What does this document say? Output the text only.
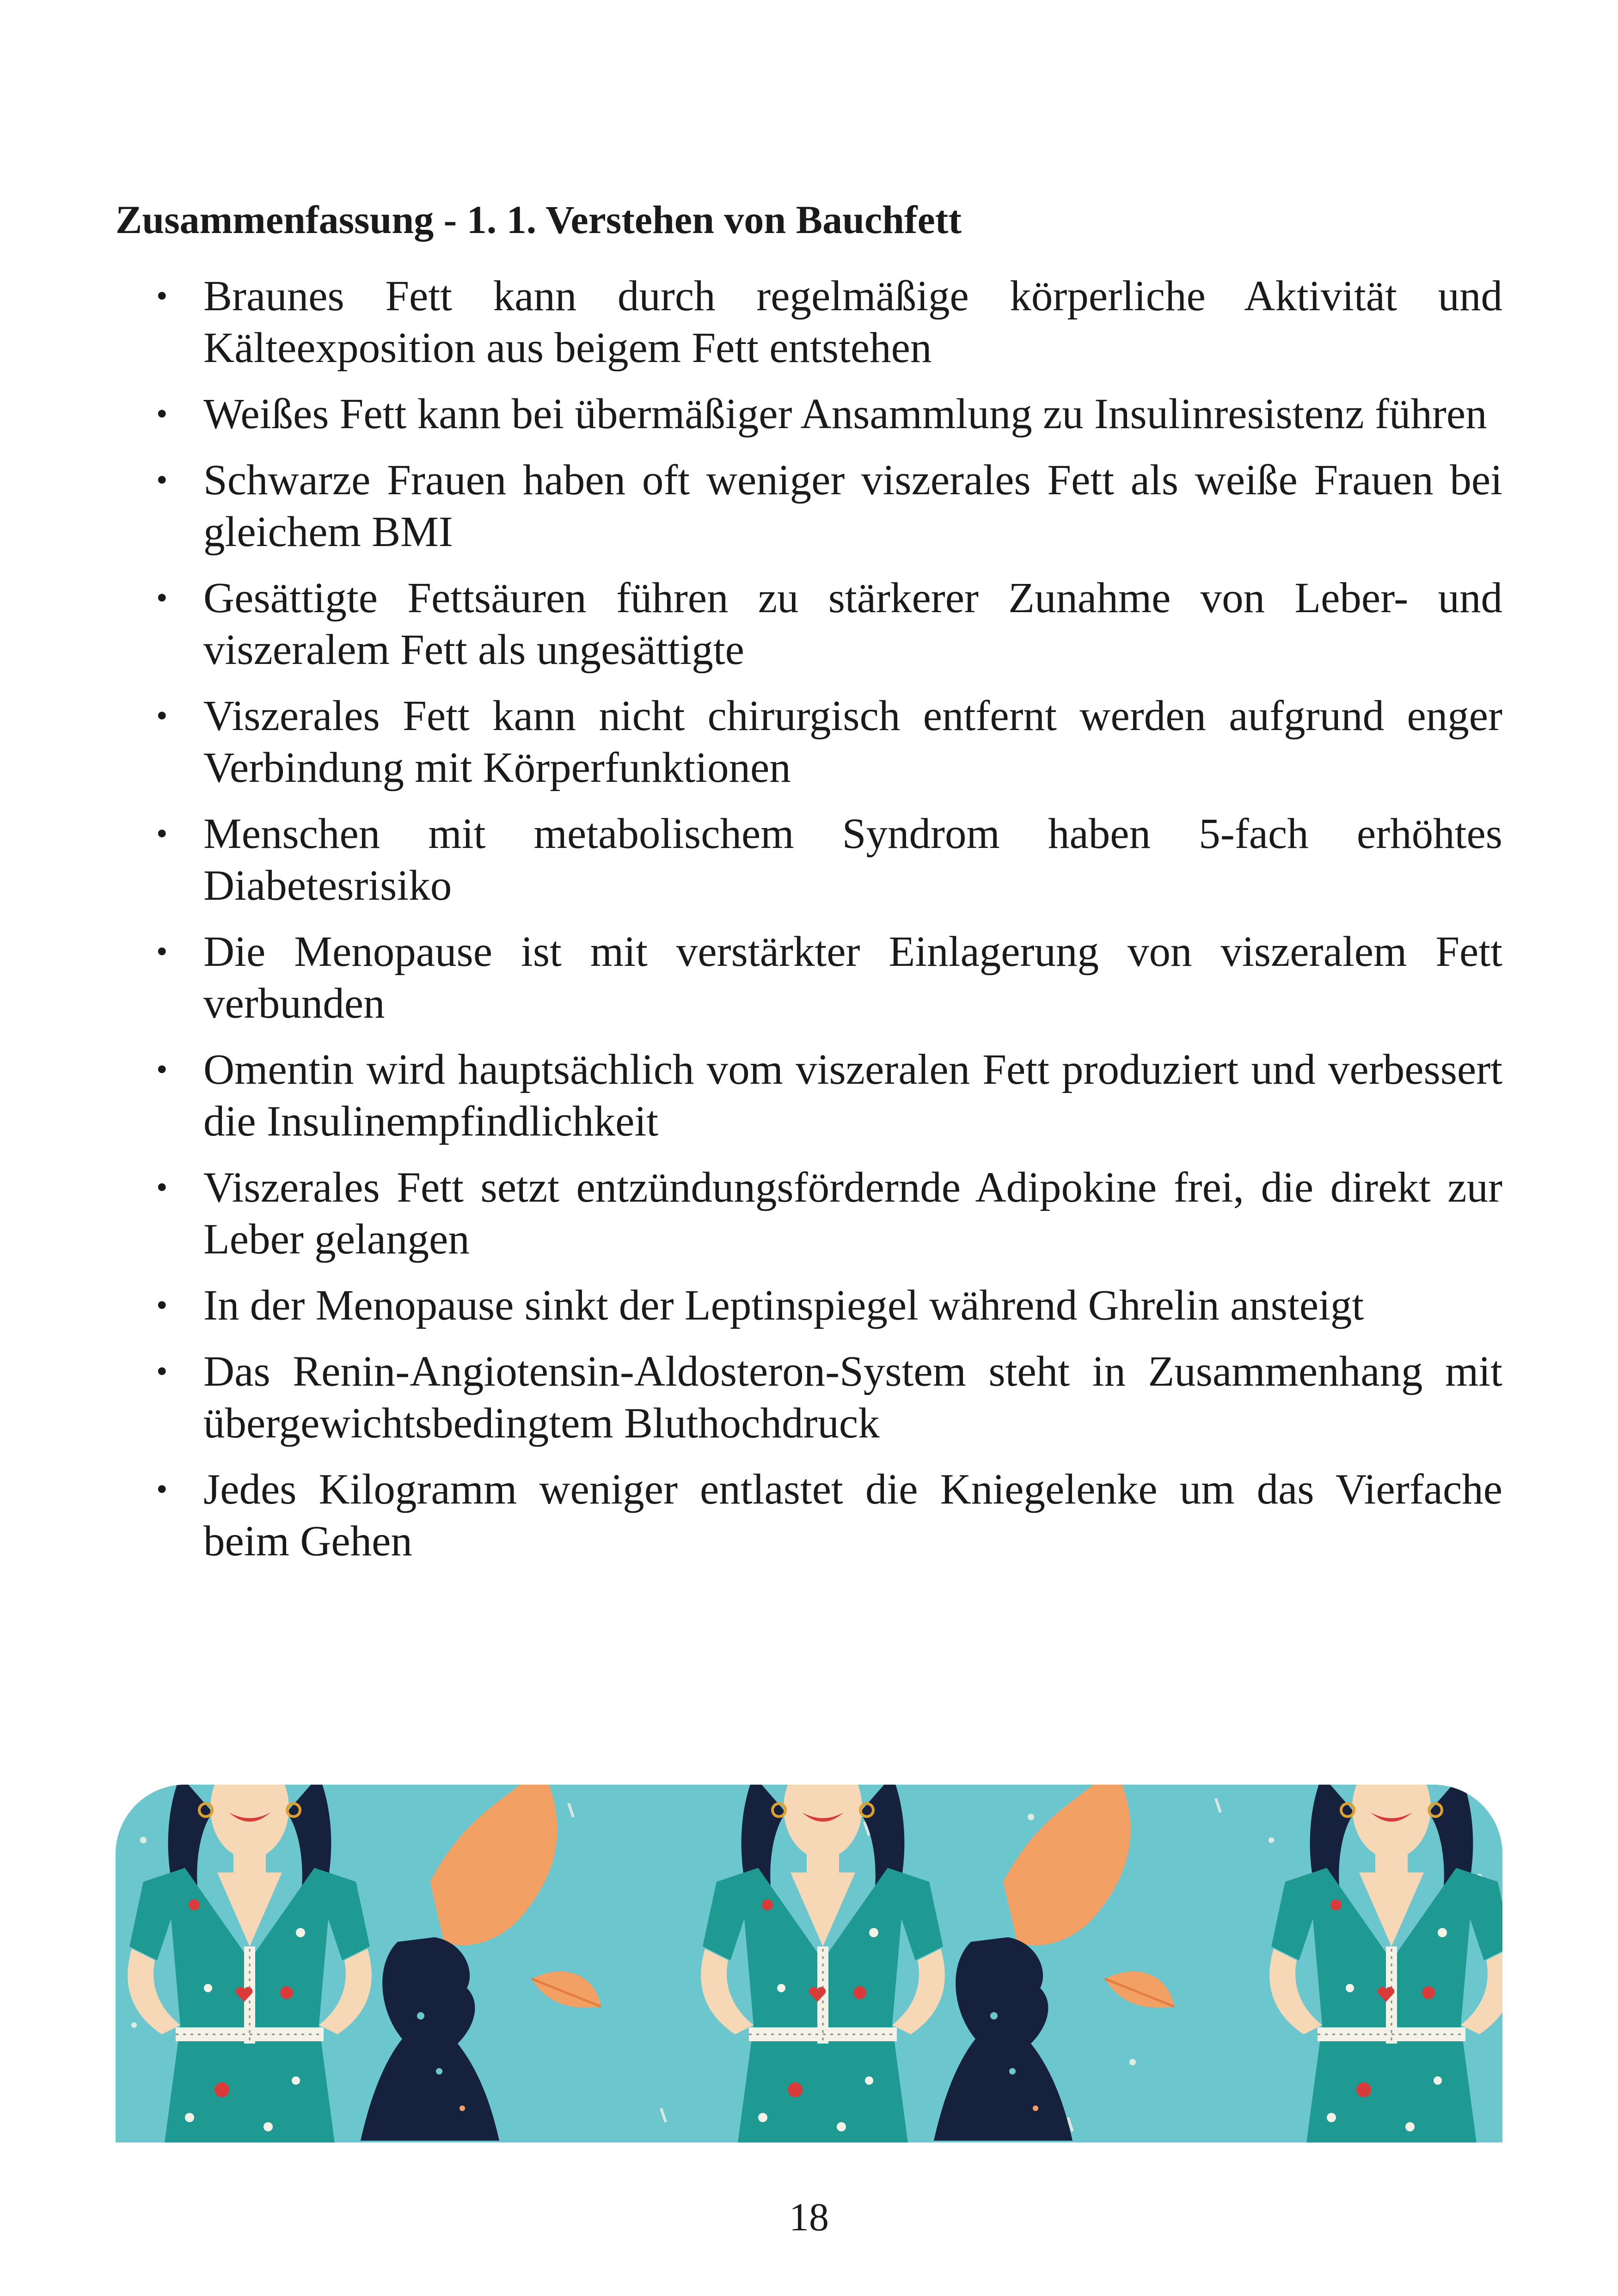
Zusammenfassung - 1. 1. Verstehen von Bauchfett
• Braunes Fett kann durch regelmäßige körperliche Aktivität und Kälteexposition aus beigem Fett entstehen
• Weißes Fett kann bei übermäßiger Ansammlung zu Insulinresistenz führen
• Schwarze Frauen haben oft weniger viszerales Fett als weiße Frauen bei gleichem BMI
• Gesättigte Fettsäuren führen zu stärkerer Zunahme von Leber- und viszeralem Fett als ungesättigte
• Viszerales Fett kann nicht chirurgisch entfernt werden aufgrund enger Verbindung mit Körperfunktionen
• Menschen mit metabolischem Syndrom haben 5-fach erhöhtes Diabetesrisiko
• Die Menopause ist mit verstärkter Einlagerung von viszeralem Fett verbunden
• Omentin wird hauptsächlich vom viszeralen Fett produziert und verbessert die Insulinempfindlichkeit
• Viszerales Fett setzt entzündungsfördernde Adipokine frei, die direkt zur Leber gelangen
• In der Menopause sinkt der Leptinspiegel während Ghrelin ansteigt
• Das Renin-Angiotensin-Aldosteron-System steht in Zusammenhang mit übergewichtsbedingtem Bluthochdruck
• Jedes Kilogramm weniger entlastet die Kniegelenke um das Vierfache beim Gehen
18
